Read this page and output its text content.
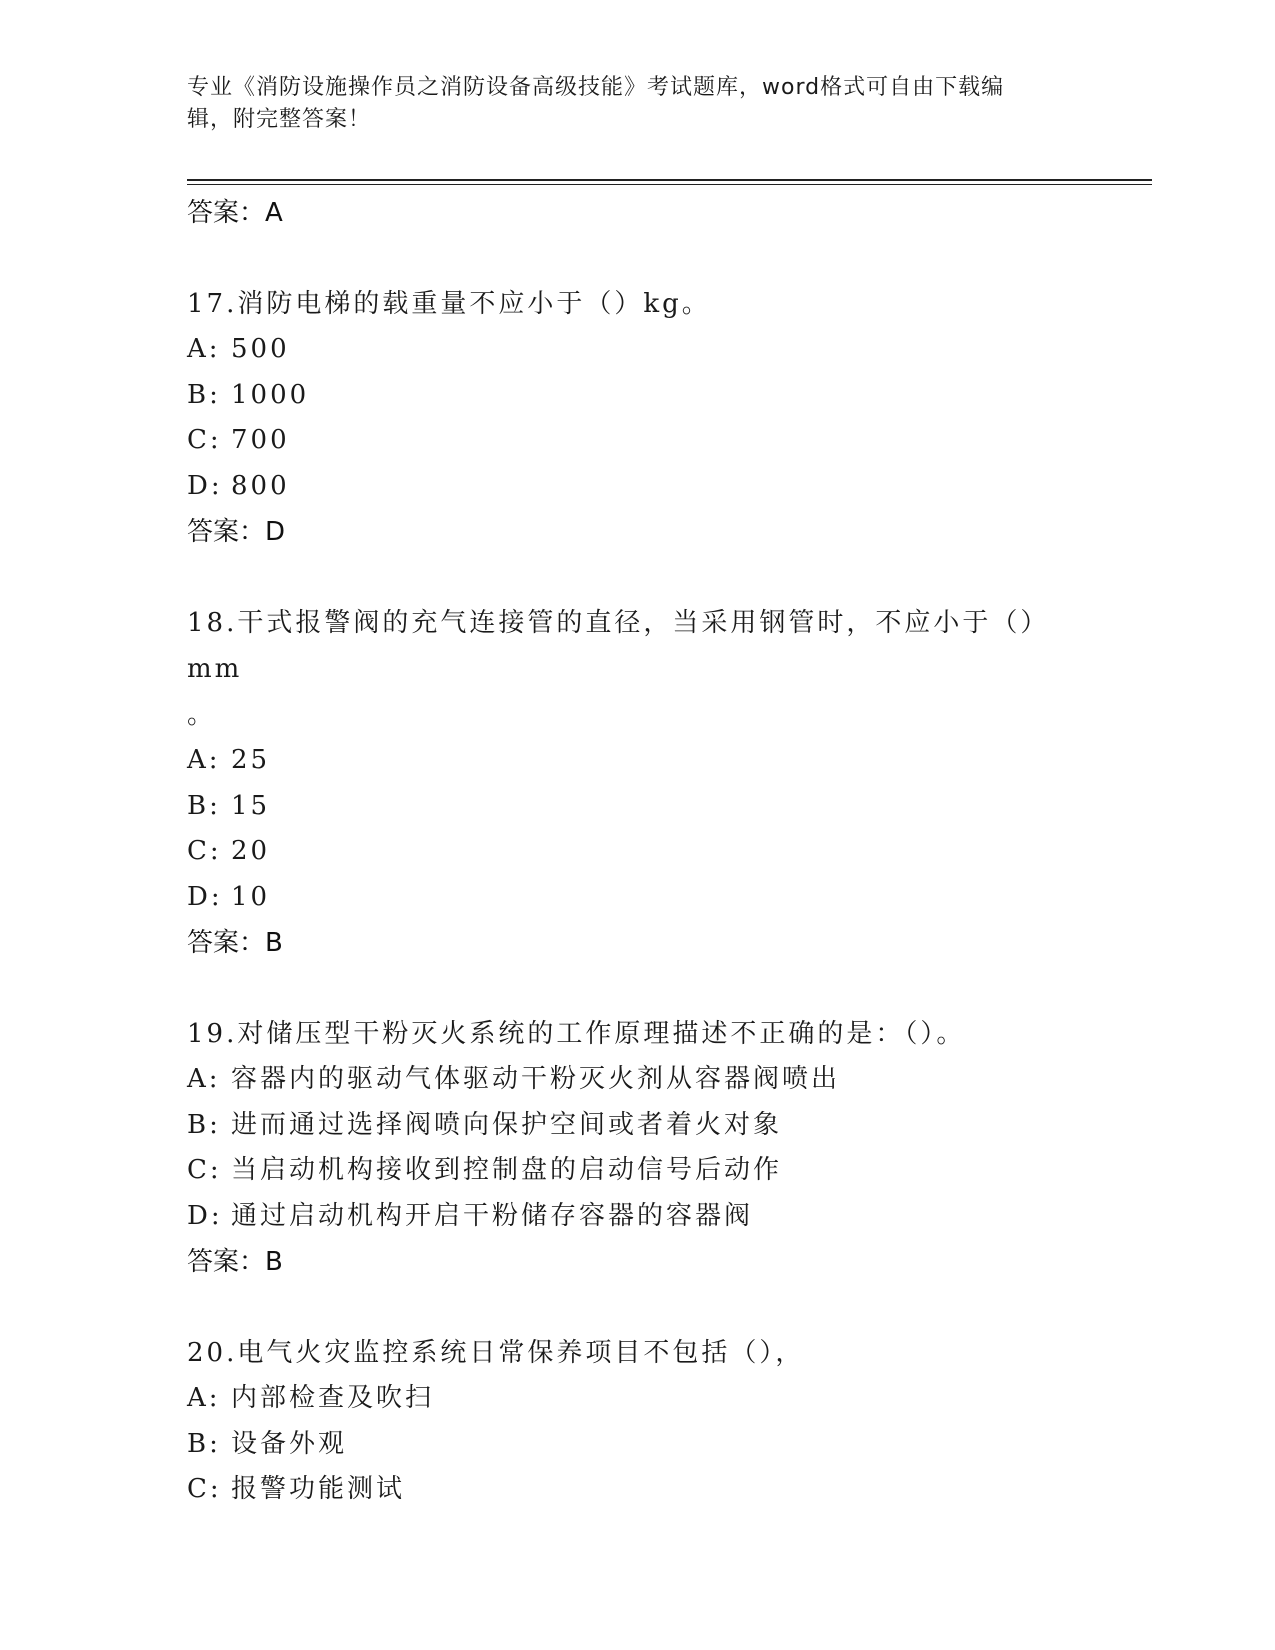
专业《消防设施操作员之消防设备高级技能》考试题库，word格式可自由下载编
辑，附完整答案！
答案：A
17.消防电梯的载重量不应小于（）kg。
A: 500
B: 1000
C: 700
D: 800
答案：D
18.干式报警阀的充气连接管的直径，当采用钢管时，不应小于（）mm
。
A: 25
B: 15
C: 20
D: 10
答案：B
19.对储压型干粉灭火系统的工作原理描述不正确的是：（）。
A: 容器内的驱动气体驱动干粉灭火剂从容器阀喷出
B: 进而通过选择阀喷向保护空间或者着火对象
C: 当启动机构接收到控制盘的启动信号后动作
D: 通过启动机构开启干粉储存容器的容器阀
答案：B
20.电气火灾监控系统日常保养项目不包括（），
A: 内部检查及吹扫
B: 设备外观
C: 报警功能测试
